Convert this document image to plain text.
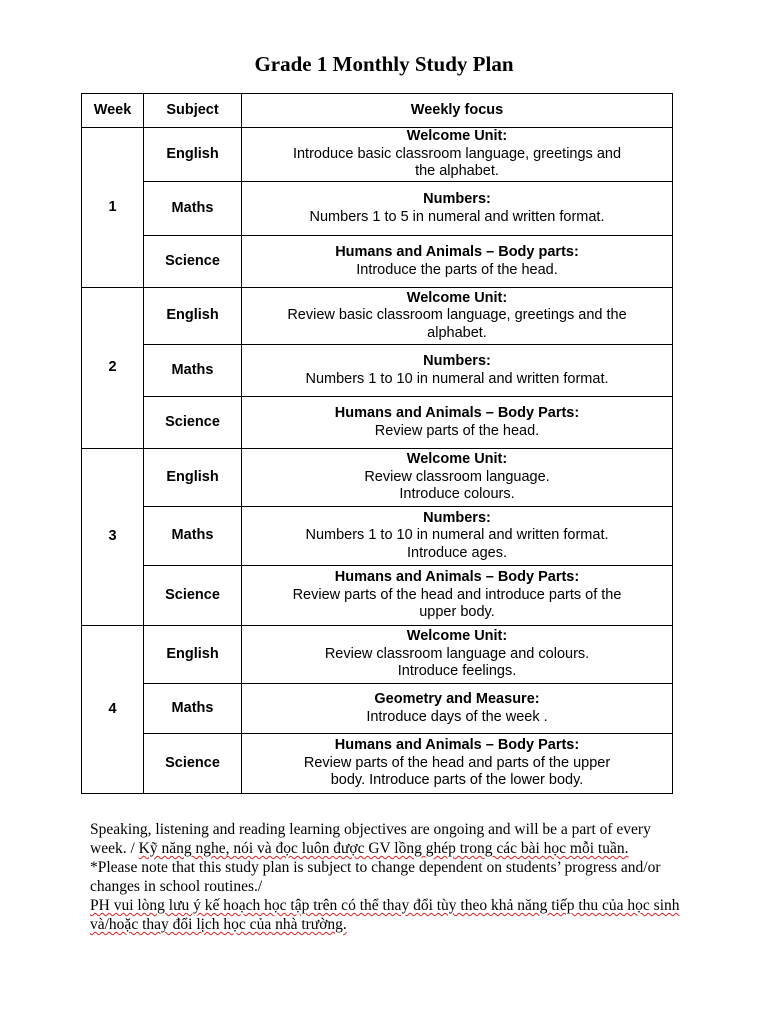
Grade 1 Monthly Study Plan
Week	Subject	Weekly focus
1	English	Welcome Unit:
Introduce basic classroom language, greetings and
the alphabet.

	Maths	Numbers:
Numbers 1 to 5 in numeral and written format.

	Science	Humans and Animals – Body parts:
Introduce the parts of the head.

2	English	Welcome Unit:
Review basic classroom language, greetings and the
alphabet.

	Maths	Numbers:
Numbers 1 to 10 in numeral and written format.

	Science	Humans and Animals – Body Parts:
Review parts of the head.

3	English	Welcome Unit:
Review classroom language.
Introduce colours.

	Maths	Numbers:
Numbers 1 to 10 in numeral and written format.
Introduce ages.

	Science	Humans and Animals – Body Parts:
Review parts of the head and introduce parts of the
upper body.

4	English	Welcome Unit:
Review classroom language and colours.
Introduce feelings.

	Maths	Geometry and Measure:
Introduce days of the week .

	Science	Humans and Animals – Body Parts:
Review parts of the head and parts of the upper
body. Introduce parts of the lower body.

Speaking, listening and reading learning objectives are ongoing and will be a part of every week. / Kỹ năng nghe, nói và đọc luôn được GV lồng ghép trong các bài học mỗi tuần.

*Please note that this study plan is subject to change dependent on students’ progress and/or changes in school routines./

PH vui lòng lưu ý kế hoạch học tập trên có thể thay đổi tùy theo khả năng tiếp thu của học sinh và/hoặc thay đổi lịch học của nhà trường.
